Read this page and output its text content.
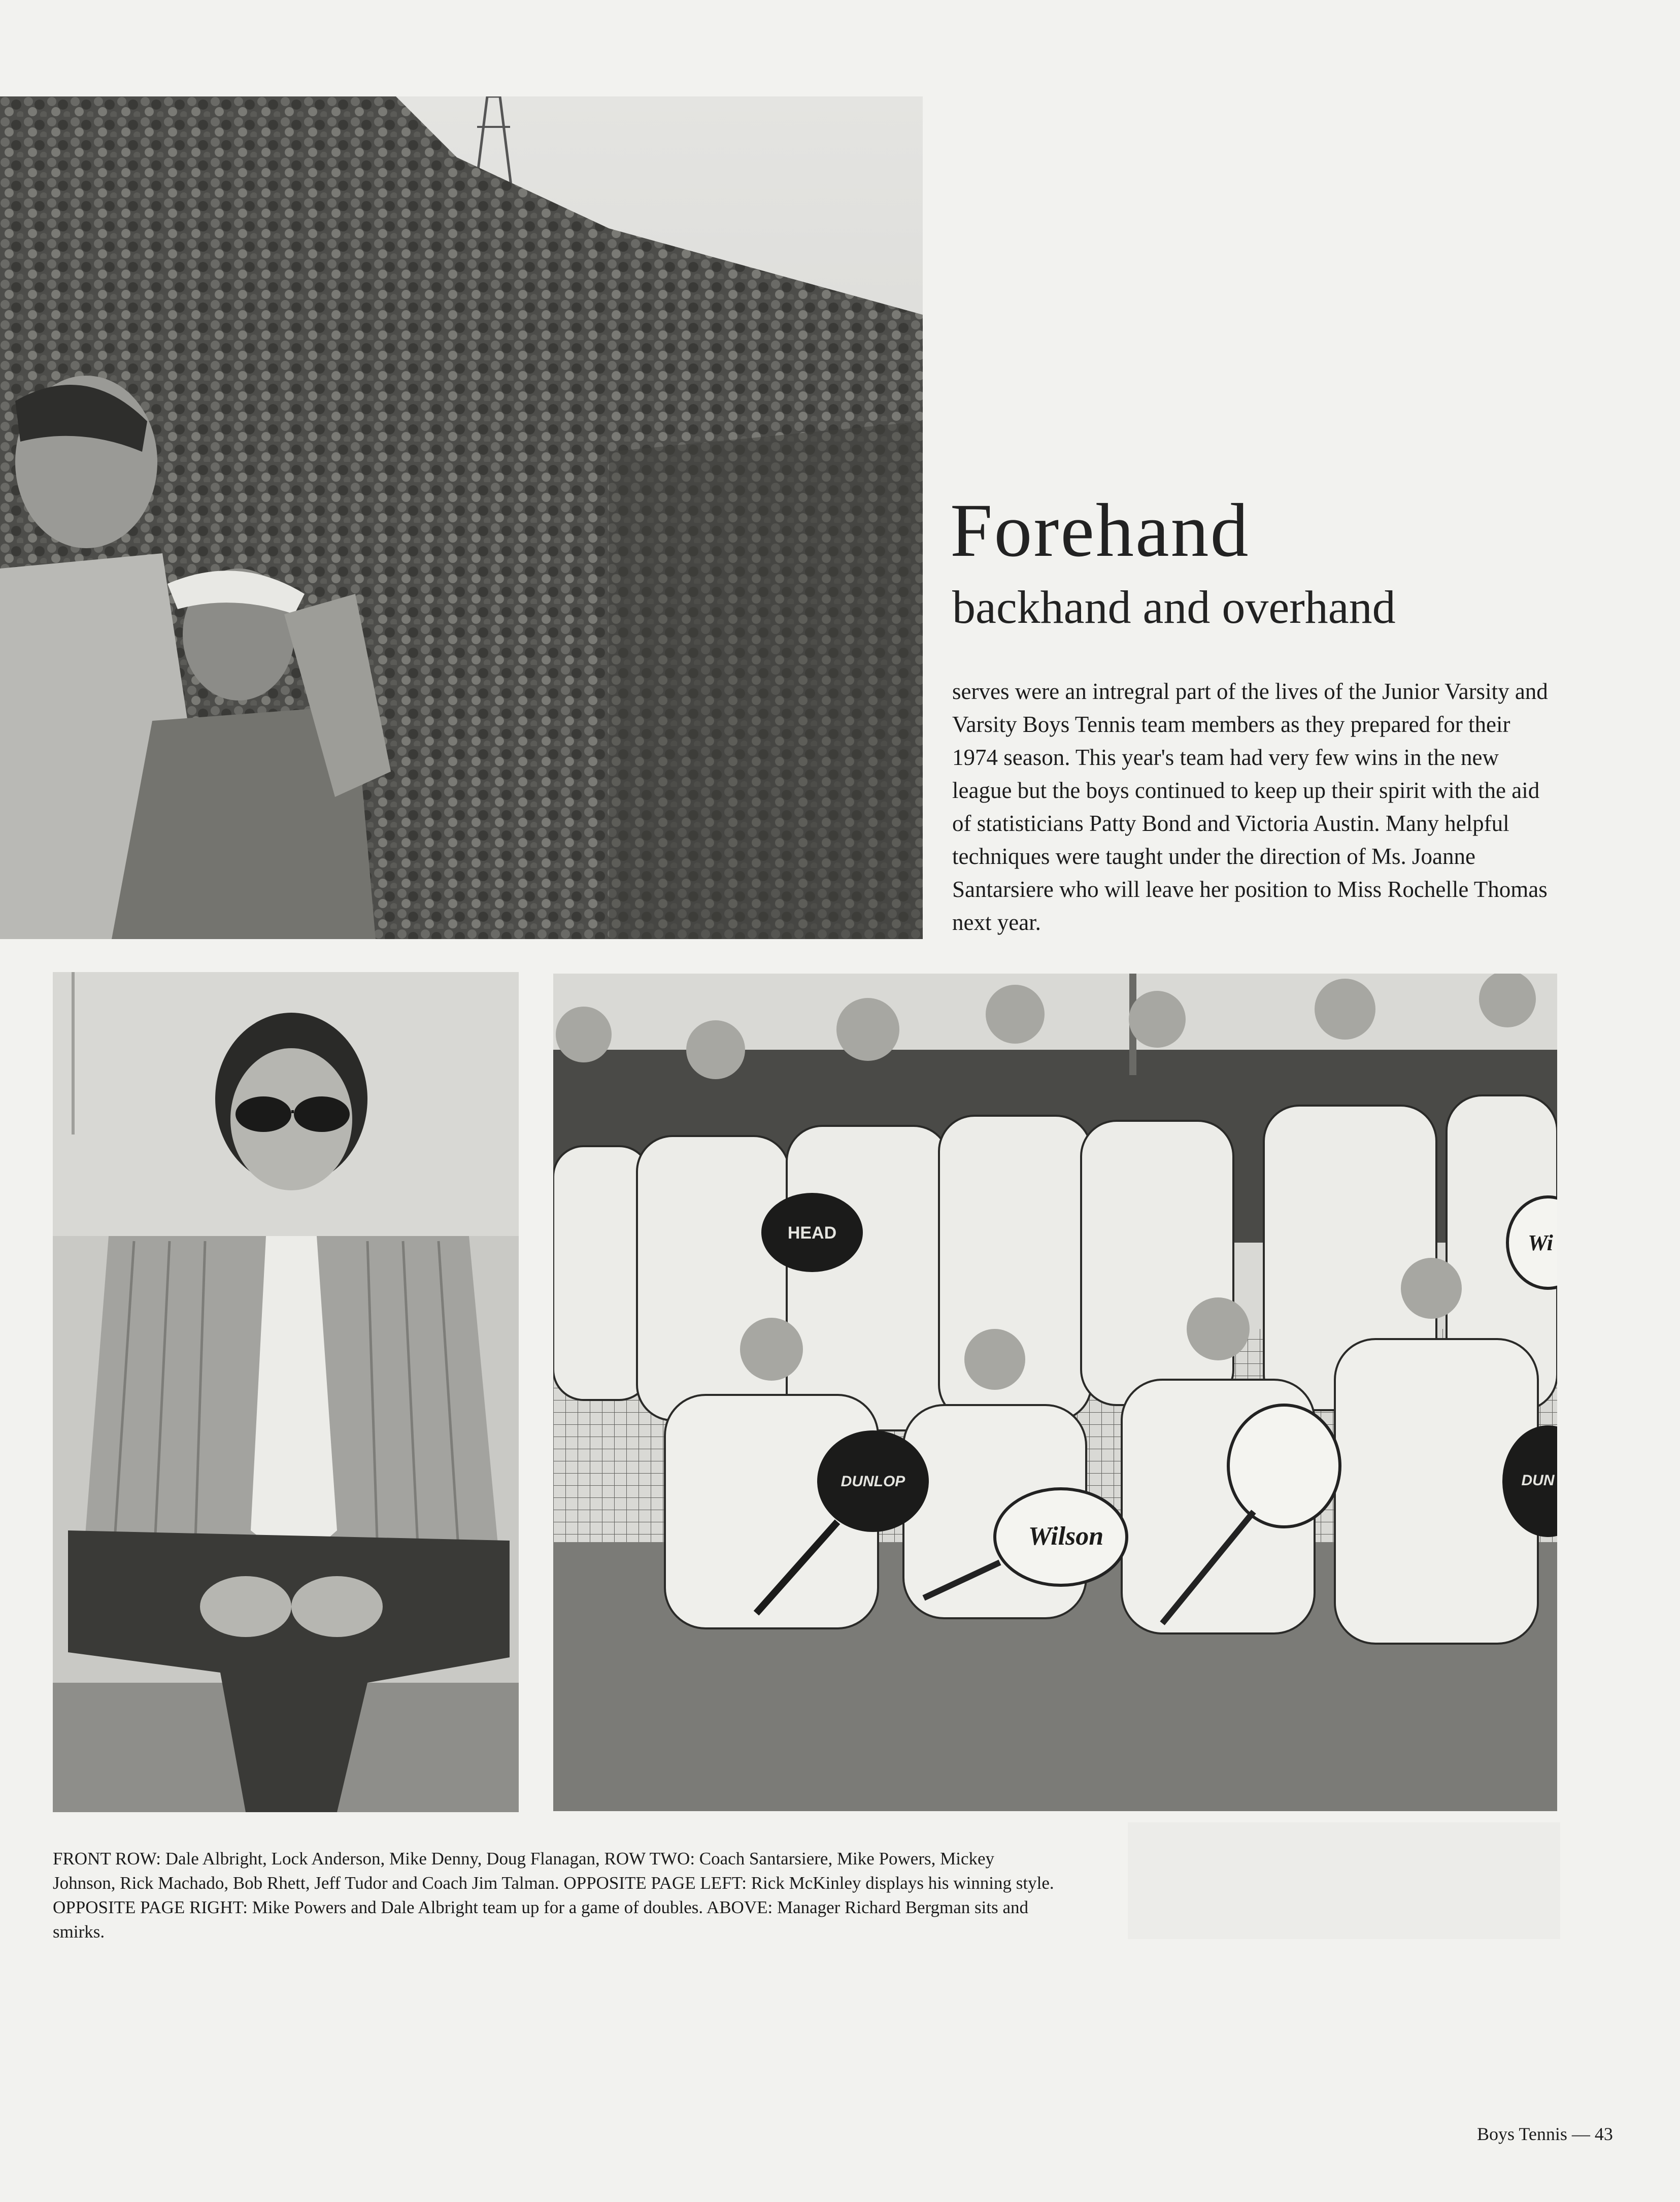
HEAD
DUNLOP
Wilson
DUN
Wi
Forehand
backhand and overhand

serves were an intregral part of the lives of the Junior Varsity and Varsity Boys Tennis team members as they prepared for their 1974 season. This year's team had very few wins in the new league but the boys continued to keep up their spirit with the aid of statisticians Patty Bond and Victoria Austin. Many helpful techniques were taught under the direction of Ms. Joanne Santarsiere who will leave her position to Miss Rochelle Thomas next year.

FRONT ROW: Dale Albright, Lock Anderson, Mike Denny, Doug Flanagan, ROW TWO: Coach Santarsiere, Mike Powers, Mickey Johnson, Rick Machado, Bob Rhett, Jeff Tudor and Coach Jim Talman. OPPOSITE PAGE LEFT: Rick McKinley displays his winning style. OPPOSITE PAGE RIGHT: Mike Powers and Dale Albright team up for a game of doubles. ABOVE: Manager Richard Bergman sits and smirks.

Boys Tennis — 43
